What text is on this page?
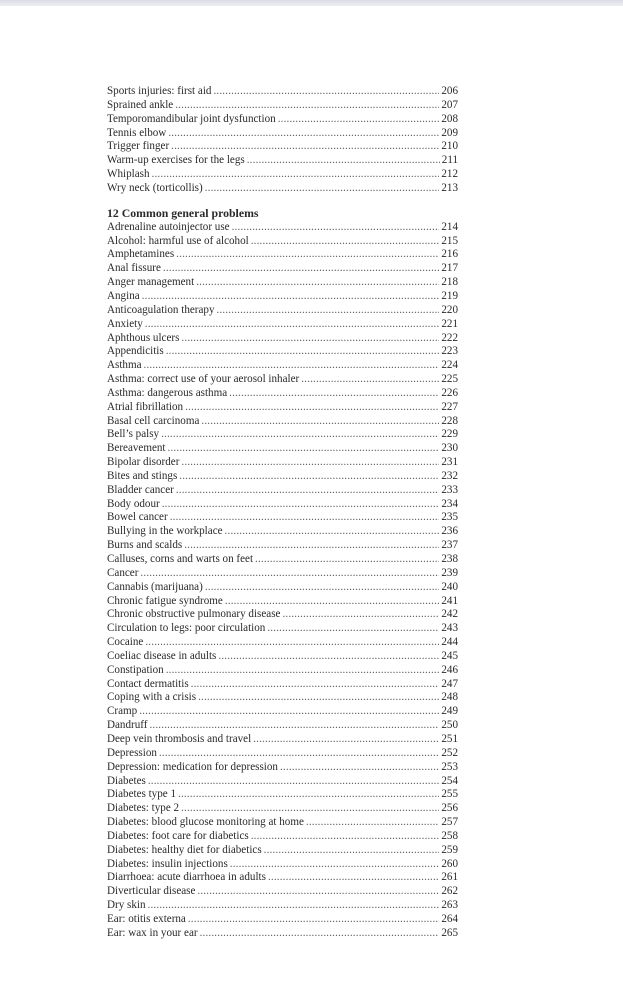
Sports injuries: first aid . . .	206
Sprained ankle . . .	207
Temporomandibular joint dysfunction . . .	208
Tennis elbow . . .	209
Trigger finger . . .	210
Warm-up exercises for the legs . . .	211
Whiplash . . .	212
Wry neck (torticollis) . . .	213
12 Common general problems
Adrenaline autoinjector use . . .	214
Alcohol: harmful use of alcohol . . .	215
Amphetamines . . .	216
Anal fissure . . .	217
Anger management . . .	218
Angina . . .	219
Anticoagulation therapy . . .	220
Anxiety . . .	221
Aphthous ulcers . . .	222
Appendicitis . . .	223
Asthma . . .	224
Asthma: correct use of your aerosol inhaler . . .	225
Asthma: dangerous asthma . . .	226
Atrial fibrillation . . .	227
Basal cell carcinoma . . .	228
Bell’s palsy . . .	229
Bereavement . . .	230
Bipolar disorder . . .	231
Bites and stings . . .	232
Bladder cancer . . .	233
Body odour . . .	234
Bowel cancer . . .	235
Bullying in the workplace . . .	236
Burns and scalds . . .	237
Calluses, corns and warts on feet . . .	238
Cancer . . .	239
Cannabis (marijuana) . . .	240
Chronic fatigue syndrome . . .	241
Chronic obstructive pulmonary disease . . .	242
Circulation to legs: poor circulation . . .	243
Cocaine . . .	244
Coeliac disease in adults . . .	245
Constipation . . .	246
Contact dermatitis . . .	247
Coping with a crisis . . .	248
Cramp . . .	249
Dandruff . . .	250
Deep vein thrombosis and travel . . .	251
Depression . . .	252
Depression: medication for depression . . .	253
Diabetes . . .	254
Diabetes type 1 . . .	255
Diabetes: type 2 . . .	256
Diabetes: blood glucose monitoring at home . . .	257
Diabetes: foot care for diabetics . . .	258
Diabetes: healthy diet for diabetics . . .	259
Diabetes: insulin injections . . .	260
Diarrhoea: acute diarrhoea in adults . . .	261
Diverticular disease . . .	262
Dry skin . . .	263
Ear: otitis externa . . .	264
Ear: wax in your ear . . .	265
